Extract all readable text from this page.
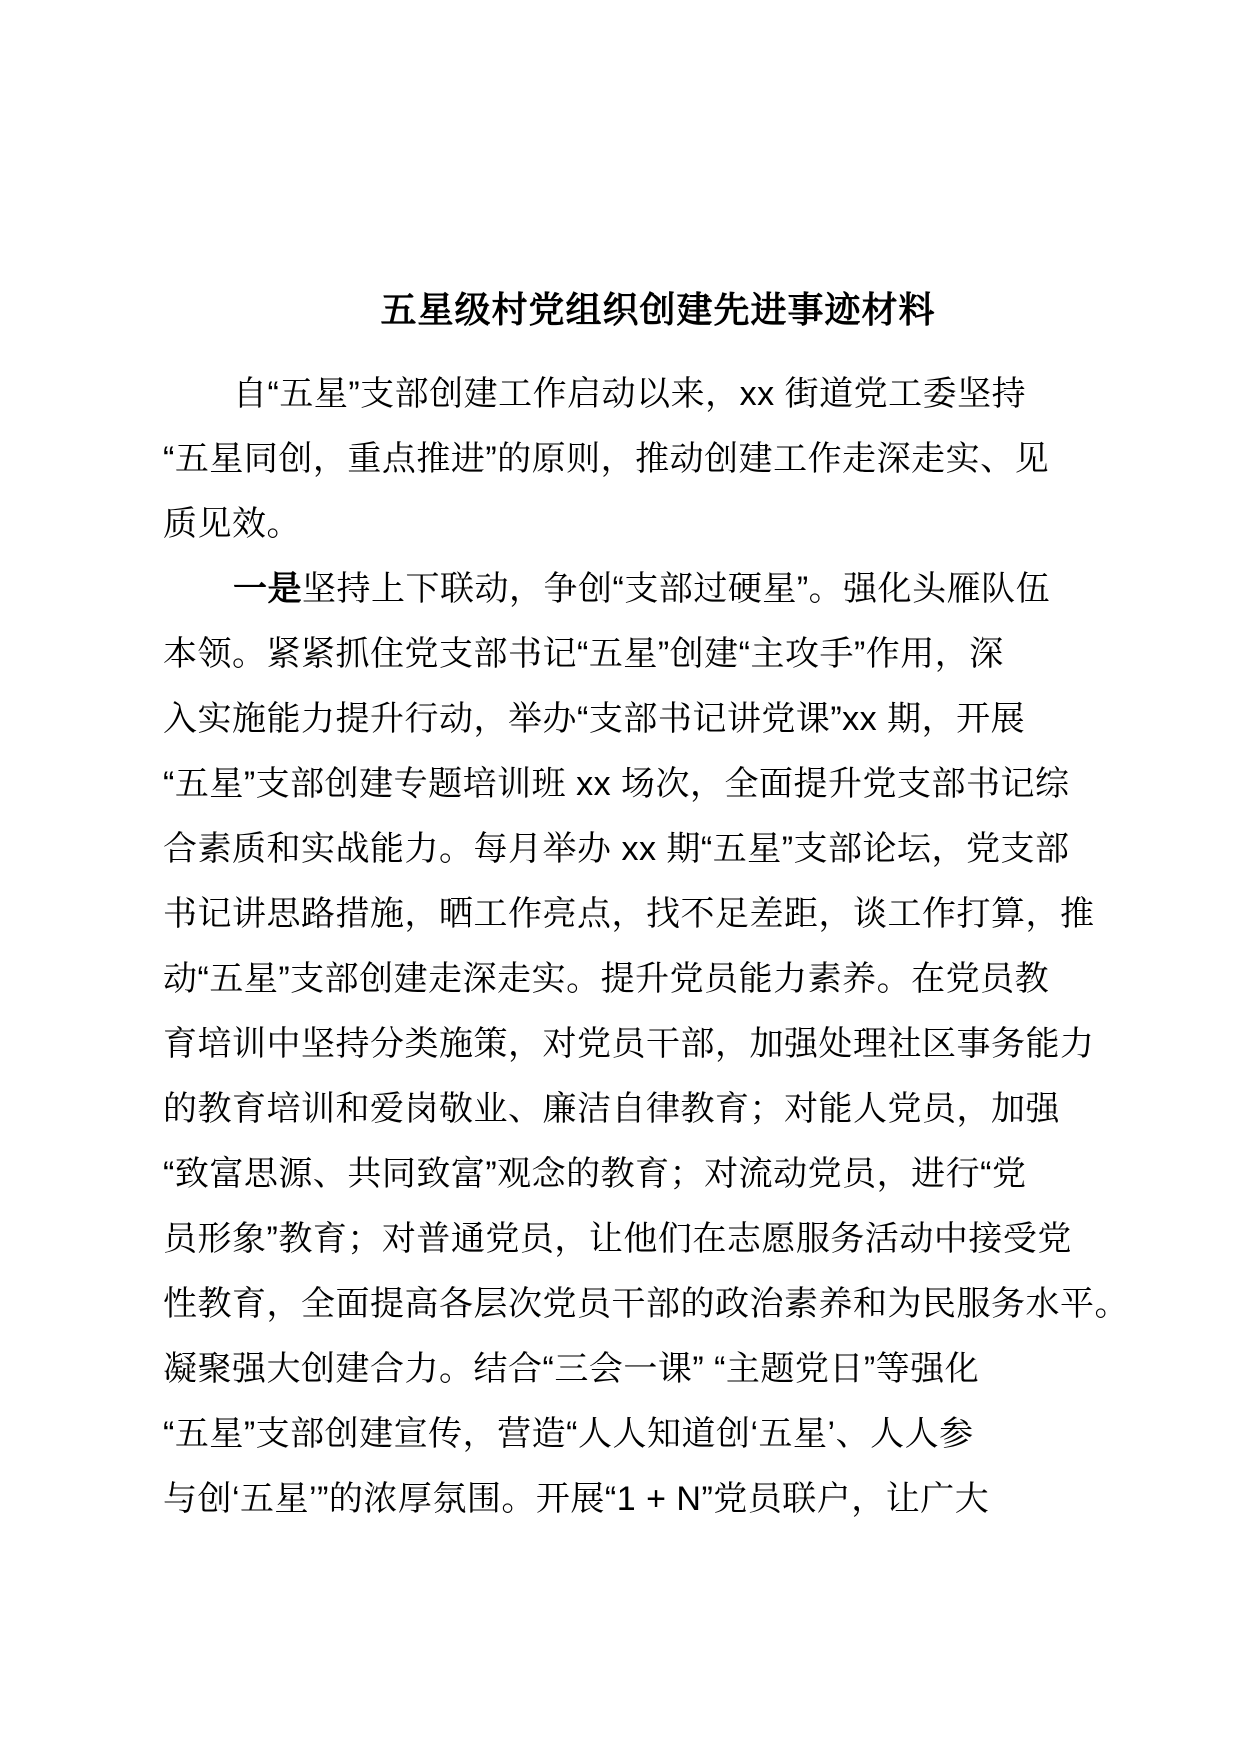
五星级村党组织创建先进事迹材料
自“五星”支部创建工作启动以来，xx 街道党工委坚持
“五星同创，重点推进”的原则，推动创建工作走深走实、见
质见效。
一是坚持上下联动，争创“支部过硬星”。强化头雁队伍
本领。紧紧抓住党支部书记“五星”创建“主攻手”作用，深
入实施能力提升行动，举办“支部书记讲党课”xx 期，开展
“五星”支部创建专题培训班 xx 场次，全面提升党支部书记综
合素质和实战能力。每月举办 xx 期“五星”支部论坛，党支部
书记讲思路措施，晒工作亮点，找不足差距，谈工作打算，推
动“五星”支部创建走深走实。提升党员能力素养。在党员教
育培训中坚持分类施策，对党员干部，加强处理社区事务能力
的教育培训和爱岗敬业、廉洁自律教育；对能人党员，加强
“致富思源、共同致富”观念的教育；对流动党员，进行“党
员形象”教育；对普通党员，让他们在志愿服务活动中接受党
性教育，全面提高各层次党员干部的政治素养和为民服务水平。
凝聚强大创建合力。结合“三会一课” “主题党日”等强化
“五星”支部创建宣传，营造“人人知道创‘五星’、人人参
与创‘五星’”的浓厚氛围。开展“1 + N”党员联户，让广大
